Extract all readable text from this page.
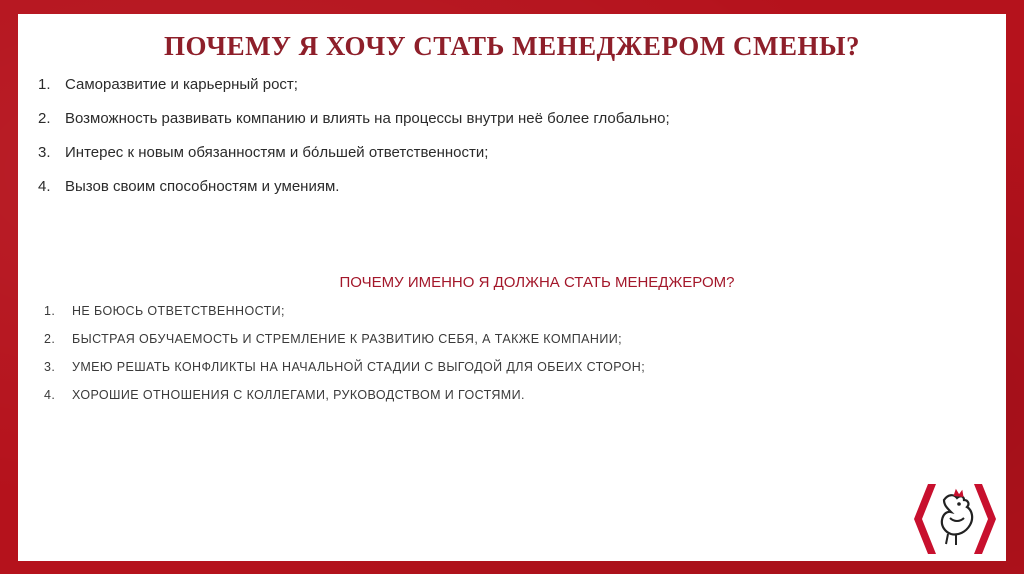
ПОЧЕМУ Я ХОЧУ СТАТЬ МЕНЕДЖЕРОМ СМЕНЫ?
1. Саморазвитие и карьерный рост;
2. Возможность развивать компанию и влиять на процессы внутри неё более глобально;
3. Интерес к новым обязанностям и бо́льшей ответственности;
4. Вызов своим способностям и умениям.
ПОЧЕМУ ИМЕННО Я ДОЛЖНА СТАТЬ МЕНЕДЖЕРОМ?
1.	НЕ БОЮСЬ ОТВЕТСТВЕННОСТИ;
2.	БЫСТРАЯ ОБУЧАЕМОСТЬ И СТРЕМЛЕНИЕ К РАЗВИТИЮ СЕБЯ, А ТАКЖЕ КОМПАНИИ;
3.	УМЕЮ РЕШАТЬ КОНФЛИКТЫ НА НАЧАЛЬНОЙ СТАДИИ С ВЫГОДОЙ ДЛЯ ОБЕИХ СТОРОН;
4.	ХОРОШИЕ ОТНОШЕНИЯ С КОЛЛЕГАМИ, РУКОВОДСТВОМ И ГОСТЯМИ.
